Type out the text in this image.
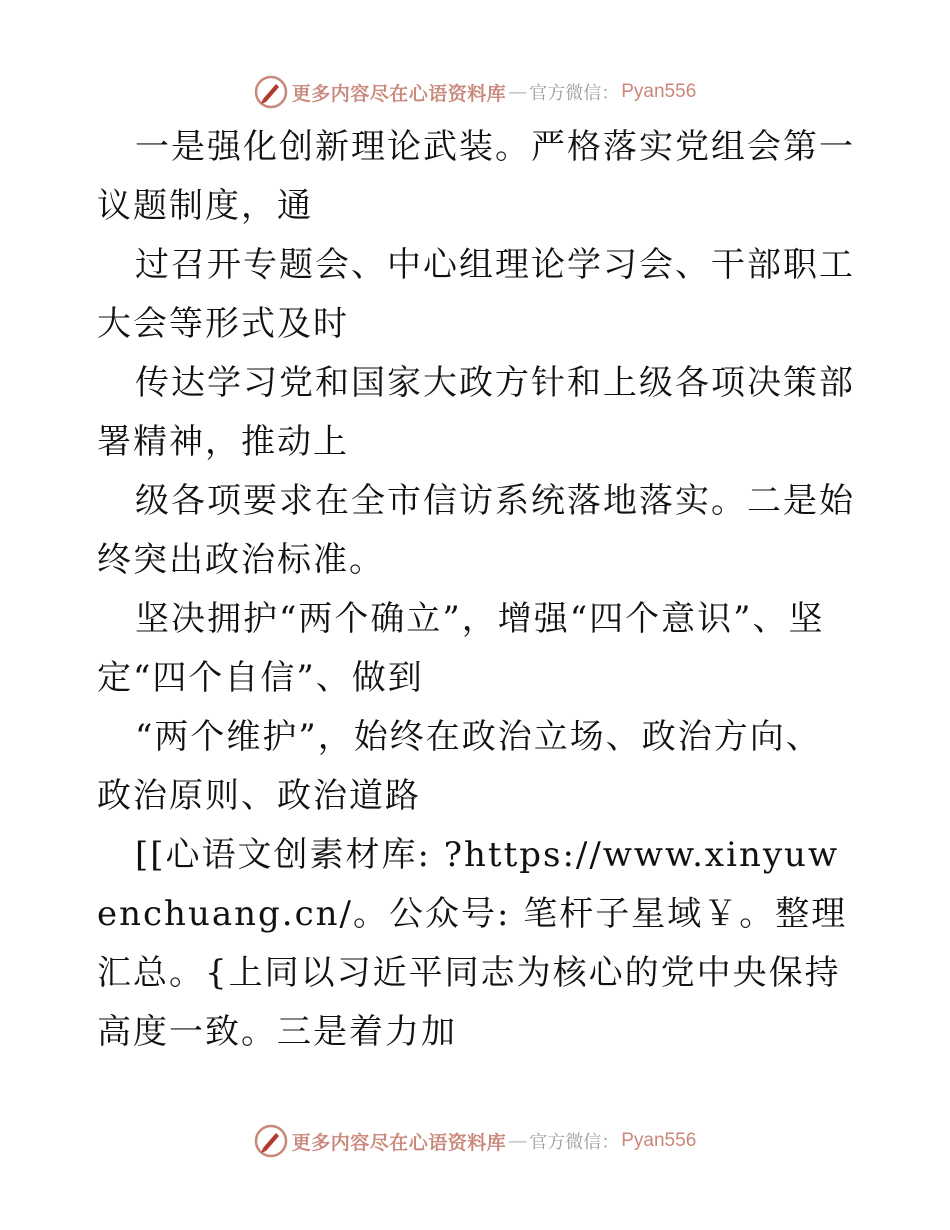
更多内容尽在心语资料库 — 官方微信： Pyan556

一是强化创新理论武装。严格落实党组会第一议题制度，通

过召开专题会、中心组理论学习会、干部职工大会等形式及时

传达学习党和国家大政方针和上级各项决策部署精神，推动上

级各项要求在全市信访系统落地落实。二是始终突出政治标准。

坚决拥护“两个确立”，增强“四个意识”、坚定“四个自信”、做到

“两个维护”，始终在政治立场、政治方向、政治原则、政治道路

[[心语文创素材库: ?https://www.xinyuwenchuang.cn/。公众号: 笔杆子星域￥。整理汇总。{上同以习近平同志为核心的党中央保持高度一致。三是着力加

更多内容尽在心语资料库 — 官方微信： Pyan556
